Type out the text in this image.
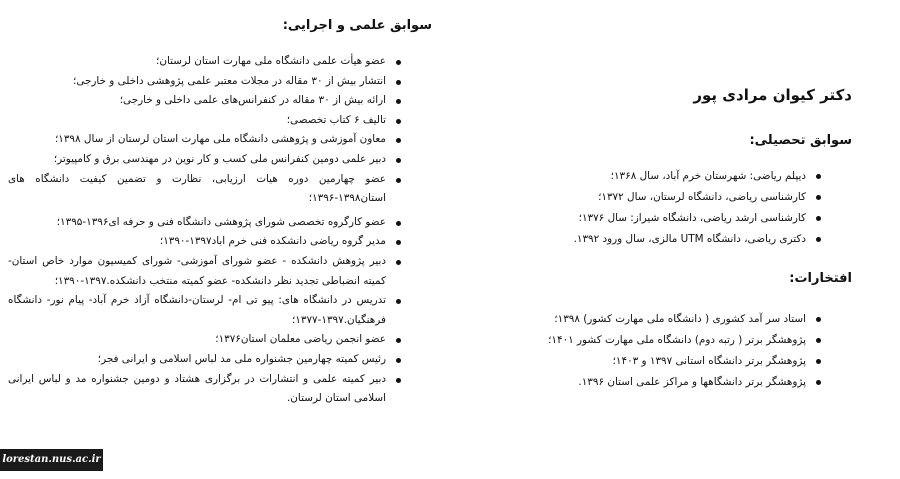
دکتر کیوان مرادی پور
سوابق تحصیلی:
دیپلم ریاضی: شهرستان خرم آباد، سال ۱۳۶۸؛
کارشناسی ریاضی، دانشگاه لرستان، سال ۱۳۷۲؛
کارشناسی ارشد ریاضی، دانشگاه شیراز: سال ۱۳۷۶؛
دکتری ریاضی، دانشگاه UTM مالزی، سال ورود ۱۳۹۲.
افتخارات:
استاد سر آمد کشوری ( دانشگاه ملی مهارت کشور) ۱۳۹۸؛
پژوهشگر برتر ( رتبه دوم) دانشگاه ملی مهارت کشور ۱۴۰۱؛
پژوهشگر برتر دانشگاه استانی ۱۳۹۷ و ۱۴۰۳؛
پژوهشگر برتر دانشگاهها و مراکز علمی استان ۱۳۹۶.
سوابق علمی و اجرایی:
عضو هیأت علمی دانشگاه ملی مهارت استان لرستان؛
انتشار بیش از ۳۰ مقاله در مجلات معتبر علمی پژوهشی داخلی و خارجی؛
ارائه بیش از ۳۰ مقاله در کنفرانس‌های علمی داخلی و خارجی؛
تالیف ۶ کتاب تخصصی؛
معاون آموزشی و پژوهشی دانشگاه ملی مهارت استان لرستان از سال ۱۳۹۸؛
دبیر علمی دومین کنفرانس ملی کسب و کار نوین در مهندسی برق و کامپیوتر؛
عضو چهارمین دوره هیات ارزیابی، نظارت و تضمین کیفیت دانشگاه های استان۱۳۹۸-۱۳۹۶؛
عضو کارگروه تخصصی شورای پژوهشی دانشگاه فنی و حرفه ای۱۳۹۶-۱۳۹۵؛
مدیر گروه ریاضی دانشکده فنی خرم اباد۱۳۹۷-۱۳۹۰؛
دبیر پژوهش دانشکده - عضو شورای آموزشی- شورای کمیسیون موارد خاص استان- کمیته انضباطی تجدید نظر دانشکده- عضو کمیته منتخب دانشکده.۱۳۹۷-۱۳۹۰؛
تدریس در دانشگاه های: پیو تی ام- لرستان-دانشگاه آزاد خرم آباد- پیام نور- دانشگاه فرهنگیان.۱۳۹۷-۱۳۷۷؛
عضو انجمن ریاضی معلمان استان۱۳۷۶؛
رئیس کمیته چهارمین جشنواره ملی مد لباس اسلامی و ایرانی فجر؛
دبیر کمیته علمی و انتشارات در برگزاری هشتاد و دومین جشنواره مد و لباس ایرانی اسلامی استان لرستان.
lorestan.nus.ac.ir
